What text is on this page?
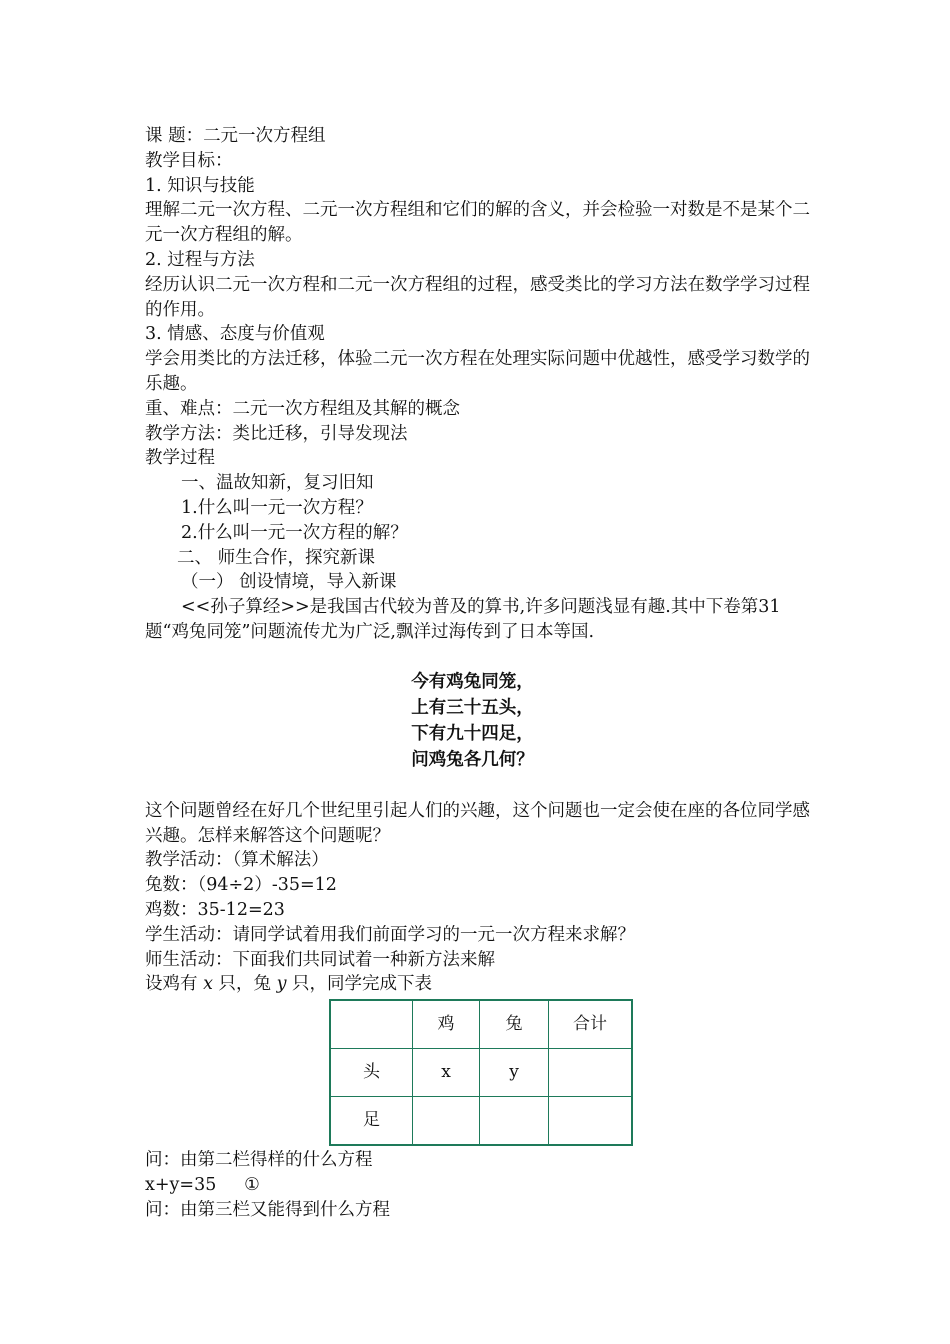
课 题：二元一次方程组
教学目标：
1. 知识与技能
理解二元一次方程、二元一次方程组和它们的解的含义，并会检验一对数是不是某个二元一次方程组的解。
2. 过程与方法
经历认识二元一次方程和二元一次方程组的过程，感受类比的学习方法在数学学习过程的作用。
3. 情感、态度与价值观
学会用类比的方法迁移，体验二元一次方程在处理实际问题中优越性，感受学习数学的乐趣。
重、难点：二元一次方程组及其解的概念
教学方法：类比迁移，引导发现法
教学过程
一、温故知新，复习旧知
1.什么叫一元一次方程？
2.什么叫一元一次方程的解？
二、 师生合作，探究新课
（一） 创设情境，导入新课
<<孙子算经>>是我国古代较为普及的算书,许多问题浅显有趣.其中下卷第31题“鸡兔同笼”问题流传尤为广泛,飘洋过海传到了日本等国.
今有鸡兔同笼，
上有三十五头，
下有九十四足，
问鸡兔各几何？
这个问题曾经在好几个世纪里引起人们的兴趣，这个问题也一定会使在座的各位同学感兴趣。怎样来解答这个问题呢？
教学活动：（算术解法）
兔数：（94÷2）-35=12
鸡数：35-12=23
学生活动：请同学试着用我们前面学习的一元一次方程来求解？
师生活动：下面我们共同试着一种新方法来解
设鸡有 x 只，兔 y 只，同学完成下表
	鸡	兔	合计
头	x	y	
足			
问：由第二栏得样的什么方程
x+y=35     ①
问：由第三栏又能得到什么方程
